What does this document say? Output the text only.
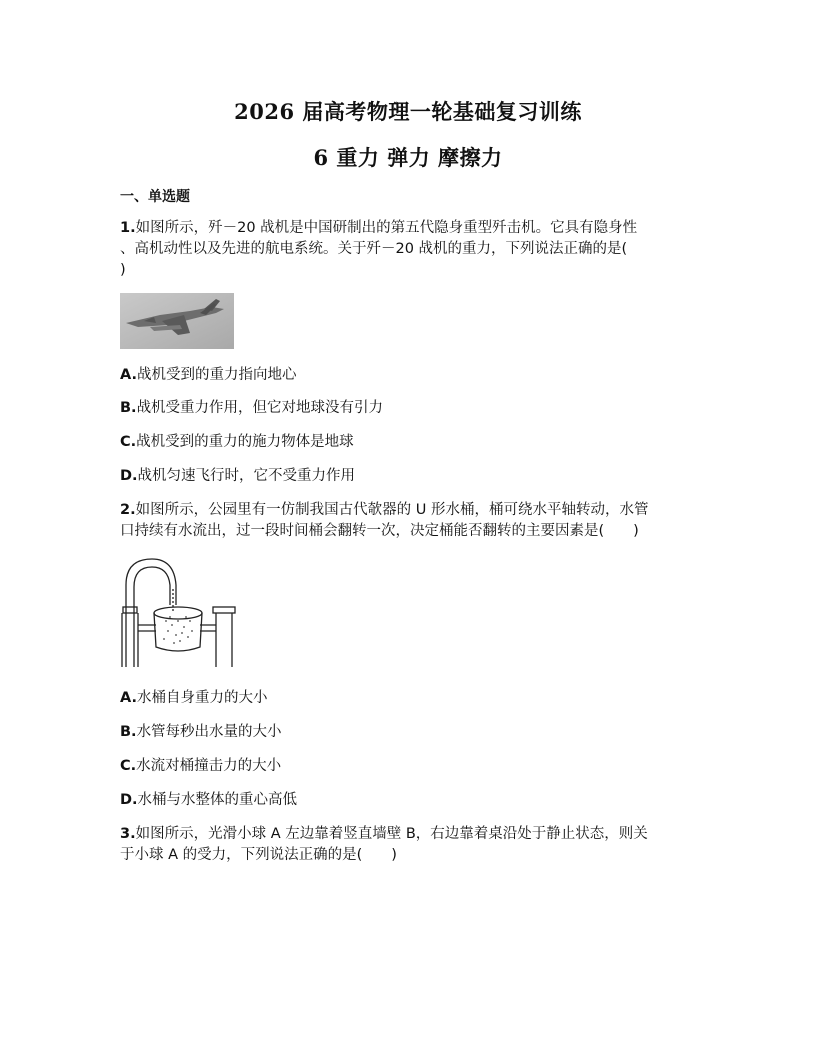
2026 届高考物理一轮基础复习训练
6 重力 弹力 摩擦力
一、单选题
1.如图所示，歼－20 战机是中国研制出的第五代隐身重型歼击机。它具有隐身性
、高机动性以及先进的航电系统。关于歼－20 战机的重力，下列说法正确的是(
)
A.战机受到的重力指向地心
B.战机受重力作用，但它对地球没有引力
C.战机受到的重力的施力物体是地球
D.战机匀速飞行时，它不受重力作用
2.如图所示，公园里有一仿制我国古代欹器的 U 形水桶，桶可绕水平轴转动，水管
口持续有水流出，过一段时间桶会翻转一次，决定桶能否翻转的主要因素是(　　)
A.水桶自身重力的大小
B.水管每秒出水量的大小
C.水流对桶撞击力的大小
D.水桶与水整体的重心高低
3.如图所示，光滑小球 A 左边靠着竖直墙壁 B，右边靠着桌沿处于静止状态，则关
于小球 A 的受力，下列说法正确的是(　　)
